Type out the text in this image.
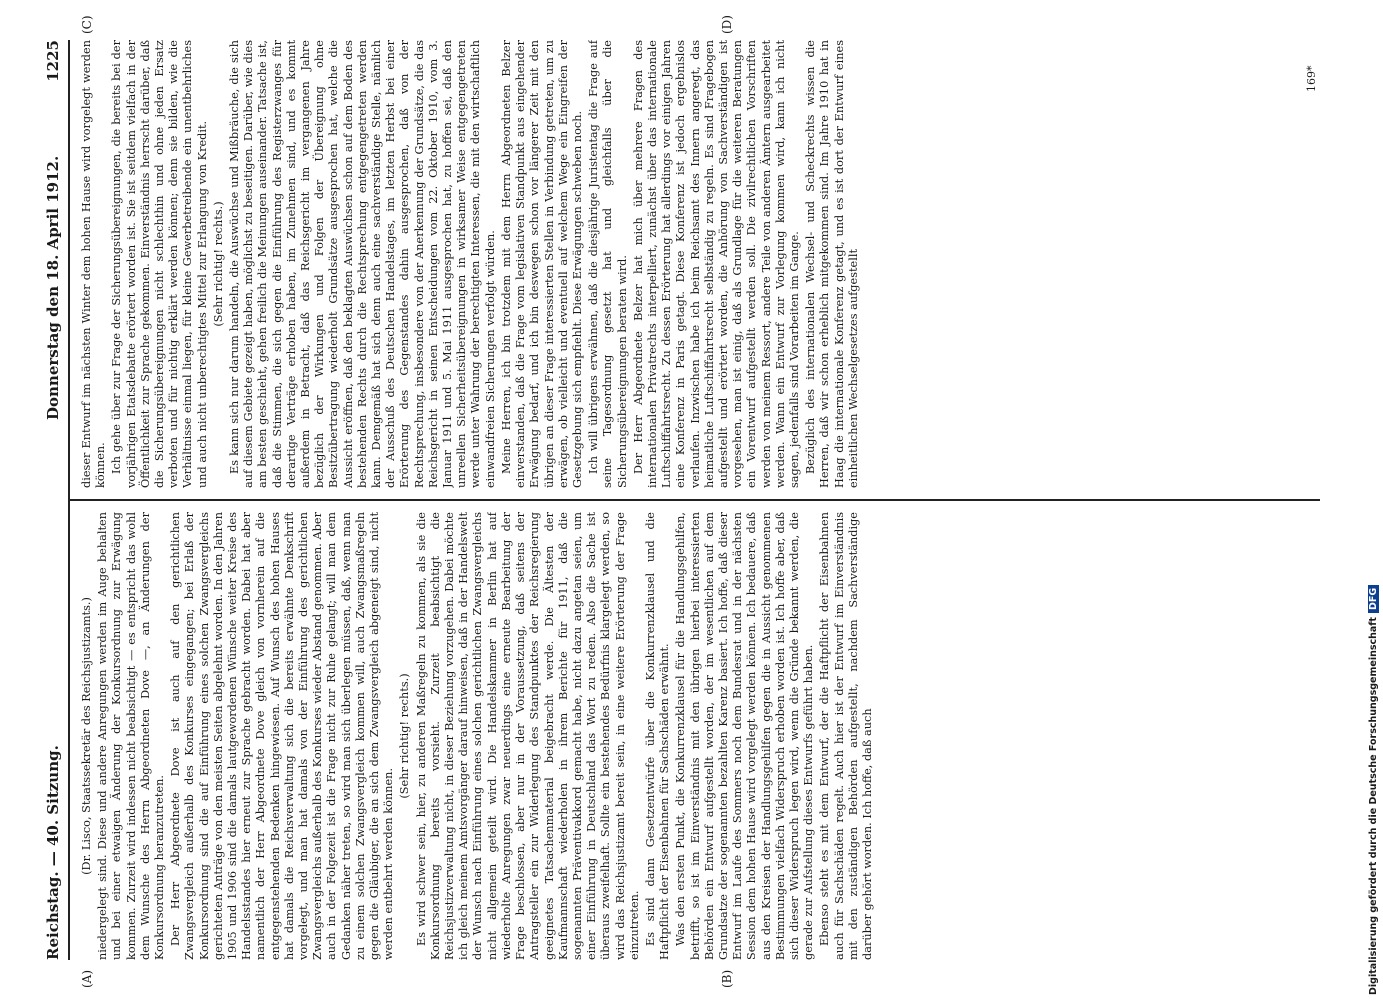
Reichstag. — 40. Sitzung.
Donnerstag den 18. April 1912.
1225
(A)	(B)
(C)	(D)

(Dr. Lisco, Staatssekretär des Reichsjustizamts.) niedergelegt sind. Diese und andere Anregungen werden im Auge behalten und bei einer etwaigen Änderung der Konkursordnung zur Erwägung kommen. Zurzeit wird indessen nicht beabsichtigt — es entspricht das wohl dem Wunsche des Herrn Abgeordneten Dove —, an Änderungen der Konkursordnung heranzutreten. Der Herr Abgeordnete Dove ist auch auf den gerichtlichen Zwangsvergleich außerhalb des Konkurses eingegangen; bei Erlaß der Konkursordnung sind die auf Einführung eines solchen Zwangsvergleichs gerichteten Anträge von den meisten Seiten abgelehnt worden. In den Jahren 1905 und 1906 sind die damals lautgewordenen Wünsche weiter Kreise des Handelsstandes hier erneut zur Sprache gebracht worden. Dabei hat aber namentlich der Herr Abgeordnete Dove gleich von vornherein auf die entgegenstehenden Bedenken hingewiesen. Auf Wunsch des hohen Hauses hat damals die Reichsverwaltung sich die bereits erwähnte Denkschrift vorgelegt, und man hat damals von der Einführung des gerichtlichen Zwangsvergleichs außerhalb des Konkurses wieder Abstand genommen. Aber auch in der Folgezeit ist die Frage nicht zur Ruhe gelangt; will man dem Gedanken näher treten, so wird man sich überlegen müssen, daß, wenn man zu einem solchen Zwangsvergleich kommen will, auch Zwangsmaßregeln gegen die Gläubiger, die an sich dem Zwangsvergleich abgeneigt sind, nicht werden entbehrt werden können.

(Sehr richtig! rechts.) Es wird schwer sein, hier, zu anderen Maßregeln zu kommen, als sie die Konkursordnung bereits vorsieht. Zurzeit beabsichtigt die Reichsjustizverwaltung nicht, in dieser Beziehung vorzugehen. Dabei möchte ich gleich meinem Amtsvorgänger darauf hinweisen, daß in der Handelswelt der Wunsch nach Einführung eines solchen gerichtlichen Zwangsvergleichs nicht allgemein geteilt wird. Die Handelskammer in Berlin hat auf wiederholte Anregungen zwar neuerdings eine erneute Bearbeitung der Frage beschlossen, aber nur in der Voraussetzung, daß seitens der Antragsteller ein zur Widerlegung des Standpunktes der Reichsregierung geeignetes Tatsachenmaterial beigebracht werde. Die Ältesten der Kaufmannschaft wiederholen in ihrem Berichte für 1911, daß die sogenannten Präventivakkord gemacht habe, nicht dazu angetan seien, um einer Einführung in Deutschland das Wort zu reden. Also die Sache ist überaus zweifelhaft. Sollte ein bestehendes Bedürfnis klargelegt werden, so wird das Reichsjustizamt bereit sein, in eine weitere Erörterung der Frage einzutreten. Es sind dann Gesetzentwürfe über die Konkurrenzklausel und die Haftpflicht der Eisenbahnen für Sachschäden erwähnt. Was den ersten Punkt, die Konkurrenzklausel für die Handlungsgehilfen, betrifft, so ist im Einverständnis mit den übrigen hierbei interessierten Behörden ein Entwurf aufgestellt worden, der im wesentlichen auf dem Grundsatze der sogenannten bezahlten Karenz basiert. Ich hoffe, daß dieser Entwurf im Laufe des Sommers noch dem Bundesrat und in der nächsten Session dem hohen Hause wird vorgelegt werden können. Ich bedauere, daß aus den Kreisen der Handlungsgehilfen gegen die in Aussicht genommenen Bestimmungen vielfach Widerspruch erhoben worden ist. Ich hoffe aber, daß sich dieser Widerspruch legen wird, wenn die Gründe bekannt werden, die gerade zur Aufstellung dieses Entwurfs geführt haben. Ebenso steht es mit dem Entwurf, der die Haftpflicht der Eisenbahnen auch für Sachschäden regelt. Auch hier ist der Entwurf im Einverständnis mit den zuständigen Behörden aufgestellt, nachdem Sachverständige darüber gehört worden. Ich hoffe, daß auch

dieser Entwurf im nächsten Winter dem hohen Hause wird vorgelegt werden können. Ich gehe über zur Frage der Sicherungsübereignungen, die bereits bei der vorjährigen Etatsdebatte erörtert worden ist. Sie ist seitdem vielfach in der Öffentlichkeit zur Sprache gekommen. Einverständnis herrscht darüber, daß die Sicherungsübereignungen nicht schlechthin und ohne jeden Ersatz verboten und für nichtig erklärt werden können; denn sie bilden, wie die Verhältnisse einmal liegen, für kleine Gewerbetreibende ein unentbehrliches und auch nicht unberechtigtes Mittel zur Erlangung von Kredit. (Sehr richtig! rechts.) Es kann sich nur darum handeln, die Auswüchse und Mißbräuche, die sich auf diesem Gebiete gezeigt haben, möglichst zu beseitigen. Darüber, wie dies am besten geschieht, gehen freilich die Meinungen auseinander. Tatsache ist, daß die Stimmen, die sich gegen die Einführung des Registerzwanges für derartige Verträge erhoben haben, im Zunehmen sind, und es kommt außerdem in Betracht, daß das Reichsgericht im vergangenen Jahre bezüglich der Wirkungen und Folgen der Übereignung ohne Besitzübertragung wiederholt Grundsätze ausgesprochen hat, welche die Aussicht eröffnen, daß den beklagten Auswüchsen schon auf dem Boden des bestehenden Rechts durch die Rechtsprechung entgegengetreten werden kann. Demgemäß hat sich denn auch eine sachverständige Stelle, nämlich der Ausschuß des Deutschen Handelstages, im letzten Herbst bei einer Erörterung des Gegenstandes dahin ausgesprochen, daß von der Rechtsprechung, insbesondere von der Anerkennung der Grundsätze, die das Reichsgericht in seinen Entscheidungen vom 22. Oktober 1910, vom 3. Januar 1911 und 5. Mai 1911 ausgesprochen hat, zu hoffen sei, daß den unreellen Sicherheitsübereignungen in wirksamer Weise entgegengetreten werde unter Wahrung der berechtigten Interessen, die mit den wirtschaftlich einwandfreien Sicherungen verfolgt würden. Meine Herren, ich bin trotzdem mit dem Herrn Abgeordneten Belzer einverstanden, daß die Frage vom legislativen Standpunkt aus eingehender Erwägung bedarf, und ich bin deswegen schon vor längerer Zeit mit den übrigen an dieser Frage interessierten Stellen in Verbindung getreten, um zu erwägen, ob vielleicht und eventuell auf welchem Wege ein Eingreifen der Gesetzgebung sich empfiehlt. Diese Erwägungen schweben noch. Ich will übrigens erwähnen, daß die diesjährige Juristentag die Frage auf seine Tagesordnung gesetzt hat und gleichfalls über die Sicherungsübereignungen beraten wird. Der Herr Abgeordnete Belzer hat mich über mehrere Fragen des internationalen Privatrechts interpelliert, zunächst über das internationale Luftschiffahrtsrecht. Zu dessen Erörterung hat allerdings vor einigen Jahren eine Konferenz in Paris getagt. Diese Konferenz ist jedoch ergebnislos verlaufen. Inzwischen habe ich beim Reichsamt des Innern angeregt, das heimatliche Luftschiffahrtsrecht selbständig zu regeln. Es sind Fragebogen aufgestellt und erörtert worden, die Anhörung von Sachverständigen ist vorgesehen, man ist einig, daß als Grundlage für die weiteren Beratungen ein Vorentwurf aufgestellt werden soll. Die zivilrechtlichen Vorschriften werden von meinem Ressort, andere Teile von anderen Ämtern ausgearbeitet werden. Wann ein Entwurf zur Vorlegung kommen wird, kann ich nicht sagen, jedenfalls sind Vorarbeiten im Gange. Bezüglich des internationalen Wechsel- und Scheckrechts wissen die Herren, daß wir schon erheblich mitgekommen sind. Im Jahre 1910 hat in Haag die internationale Konferenz getagt, und es ist dort der Entwurf eines einheitlichen Wechselgesetzes aufgestellt

169*
Digitalisierung gefördert durch die Deutsche ForschungsgemeinschaftDFG
